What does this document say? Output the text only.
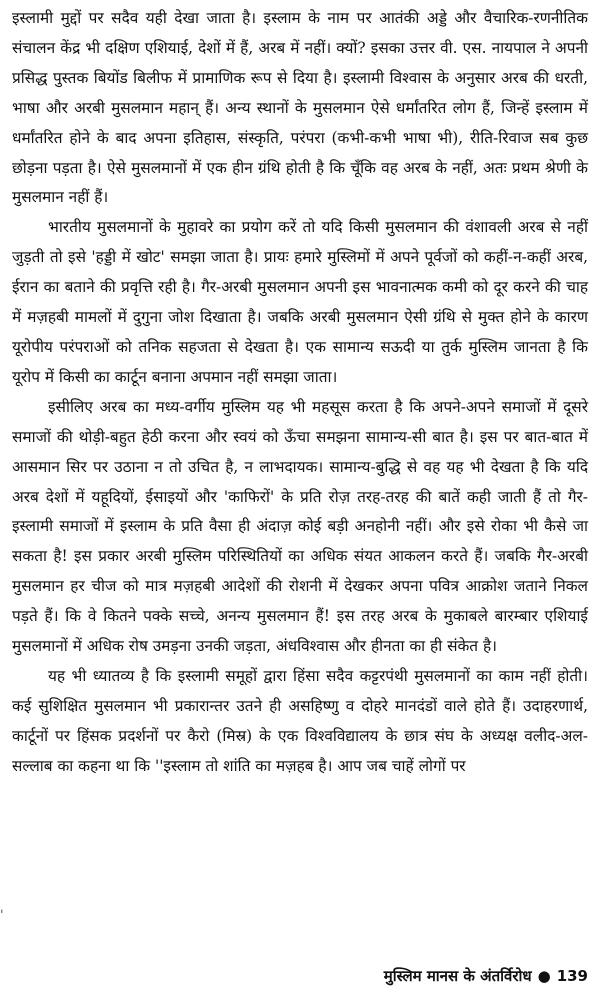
इस्लामी मुद्दों पर सदैव यही देखा जाता है। इस्लाम के नाम पर आतंकी अड्डे और वैचारिक-रणनीतिक संचालन केंद्र भी दक्षिण एशियाई, देशों में हैं, अरब में नहीं। क्यों? इसका उत्तर वी. एस. नायपाल ने अपनी प्रसिद्ध पुस्तक बियोंड बिलीफ में प्रामाणिक रूप से दिया है। इस्लामी विश्वास के अनुसार अरब की धरती, भाषा और अरबी मुसलमान महान् हैं। अन्य स्थानों के मुसलमान ऐसे धर्मांतरित लोग हैं, जिन्हें इस्लाम में धर्मांतरित होने के बाद अपना इतिहास, संस्कृति, परंपरा (कभी-कभी भाषा भी), रीति-रिवाज सब कुछ छोड़ना पड़ता है। ऐसे मुसलमानों में एक हीन ग्रंथि होती है कि चूँकि वह अरब के नहीं, अतः प्रथम श्रेणी के मुसलमान नहीं हैं।

भारतीय मुसलमानों के मुहावरे का प्रयोग करें तो यदि किसी मुसलमान की वंशावली अरब से नहीं जुड़ती तो इसे 'हड्डी में खोट' समझा जाता है। प्रायः हमारे मुस्लिमों में अपने पूर्वजों को कहीं-न-कहीं अरब, ईरान का बताने की प्रवृत्ति रही है। गैर-अरबी मुसलमान अपनी इस भावनात्मक कमी को दूर करने की चाह में मज़हबी मामलों में दुगुना जोश दिखाता है। जबकि अरबी मुसलमान ऐसी ग्रंथि से मुक्त होने के कारण यूरोपीय परंपराओं को तनिक सहजता से देखता है। एक सामान्य सऊदी या तुर्क मुस्लिम जानता है कि यूरोप में किसी का कार्टून बनाना अपमान नहीं समझा जाता।

इसीलिए अरब का मध्य-वर्गीय मुस्लिम यह भी महसूस करता है कि अपने-अपने समाजों में दूसरे समाजों की थोड़ी-बहुत हेठी करना और स्वयं को ऊँचा समझना सामान्य-सी बात है। इस पर बात-बात में आसमान सिर पर उठाना न तो उचित है, न लाभदायक। सामान्य-बुद्धि से वह यह भी देखता है कि यदि अरब देशों में यहूदियों, ईसाइयों और 'काफिरों' के प्रति रोज़ तरह-तरह की बातें कही जाती हैं तो गैर-इस्लामी समाजों में इस्लाम के प्रति वैसा ही अंदाज़ कोई बड़ी अनहोनी नहीं। और इसे रोका भी कैसे जा सकता है! इस प्रकार अरबी मुस्लिम परिस्थितियों का अधिक संयत आकलन करते हैं। जबकि गैर-अरबी मुसलमान हर चीज को मात्र मज़हबी आदेशों की रोशनी में देखकर अपना पवित्र आक्रोश जताने निकल पड़ते हैं। कि वे कितने पक्के सच्चे, अनन्य मुसलमान हैं! इस तरह अरब के मुकाबले बारम्बार एशियाई मुसलमानों में अधिक रोष उमड़ना उनकी जड़ता, अंधविश्वास और हीनता का ही संकेत है।

यह भी ध्यातव्य है कि इस्लामी समूहों द्वारा हिंसा सदैव कट्टरपंथी मुसलमानों का काम नहीं होती। कई सुशिक्षित मुसलमान भी प्रकारान्तर उतने ही असहिष्णु व दोहरे मानदंडों वाले होते हैं। उदाहरणार्थ, कार्टूनों पर हिंसक प्रदर्शनों पर कैरो (मिस्र) के एक विश्वविद्यालय के छात्र संघ के अध्यक्ष वलीद-अल-सल्लाब का कहना था कि ''इस्लाम तो शांति का मज़हब है। आप जब चाहें लोगों पर

'
मुस्लिम मानस के अंतर्विरोध ● 139
